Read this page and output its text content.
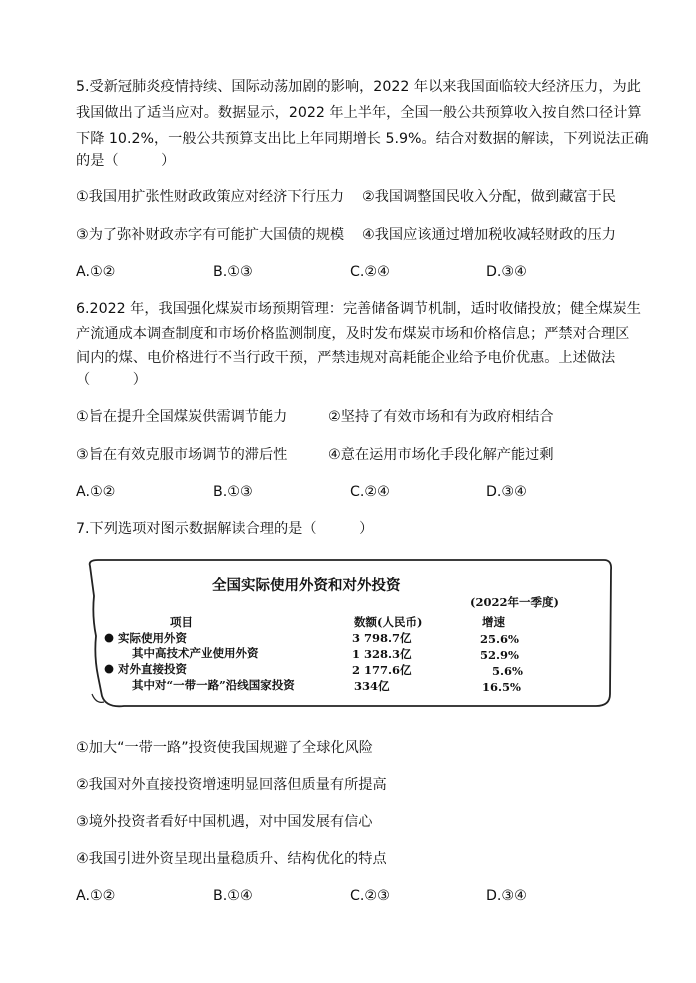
5.受新冠肺炎疫情持续、国际动荡加剧的影响，2022 年以来我国面临较大经济压力，为此
我国做出了适当应对。数据显示，2022 年上半年，全国一般公共预算收入按自然口径计算
下降 10.2%，一般公共预算支出比上年同期增长 5.9%。结合对数据的解读，下列说法正确
的是（　　　）
①我国用扩张性财政政策应对经济下行压力 ②我国调整国民收入分配，做到藏富于民
③为了弥补财政赤字有可能扩大国债的规模 ④我国应该通过增加税收减轻财政的压力
A.①②	B.①③	C.②④	D.③④
6.2022 年，我国强化煤炭市场预期管理：完善储备调节机制，适时收储投放；健全煤炭生
产流通成本调查制度和市场价格监测制度，及时发布煤炭市场和价格信息；严禁对合理区
间内的煤、电价格进行不当行政干预，严禁违规对高耗能企业给予电价优惠。上述做法
（　　　）
①旨在提升全国煤炭供需调节能力	②坚持了有效市场和有为政府相结合
③旨在有效克服市场调节的滞后性	④意在运用市场化手段化解产能过剩
A.①②	B.①③	C.②④	D.③④
7.下列选项对图示数据解读合理的是（　　　）
全国实际使用外资和对外投资
(2022年一季度)
项目	数额(人民币)	增速
● 实际使用外资	3 798.7亿	25.6%
其中高技术产业使用外资	1 328.3亿	52.9%
● 对外直接投资	2 177.6亿	5.6%
其中对“一带一路”沿线国家投资	334亿	16.5%
①加大“一带一路”投资使我国规避了全球化风险
②我国对外直接投资增速明显回落但质量有所提高
③境外投资者看好中国机遇，对中国发展有信心
④我国引进外资呈现出量稳质升、结构优化的特点
A.①②	B.①④	C.②③	D.③④
